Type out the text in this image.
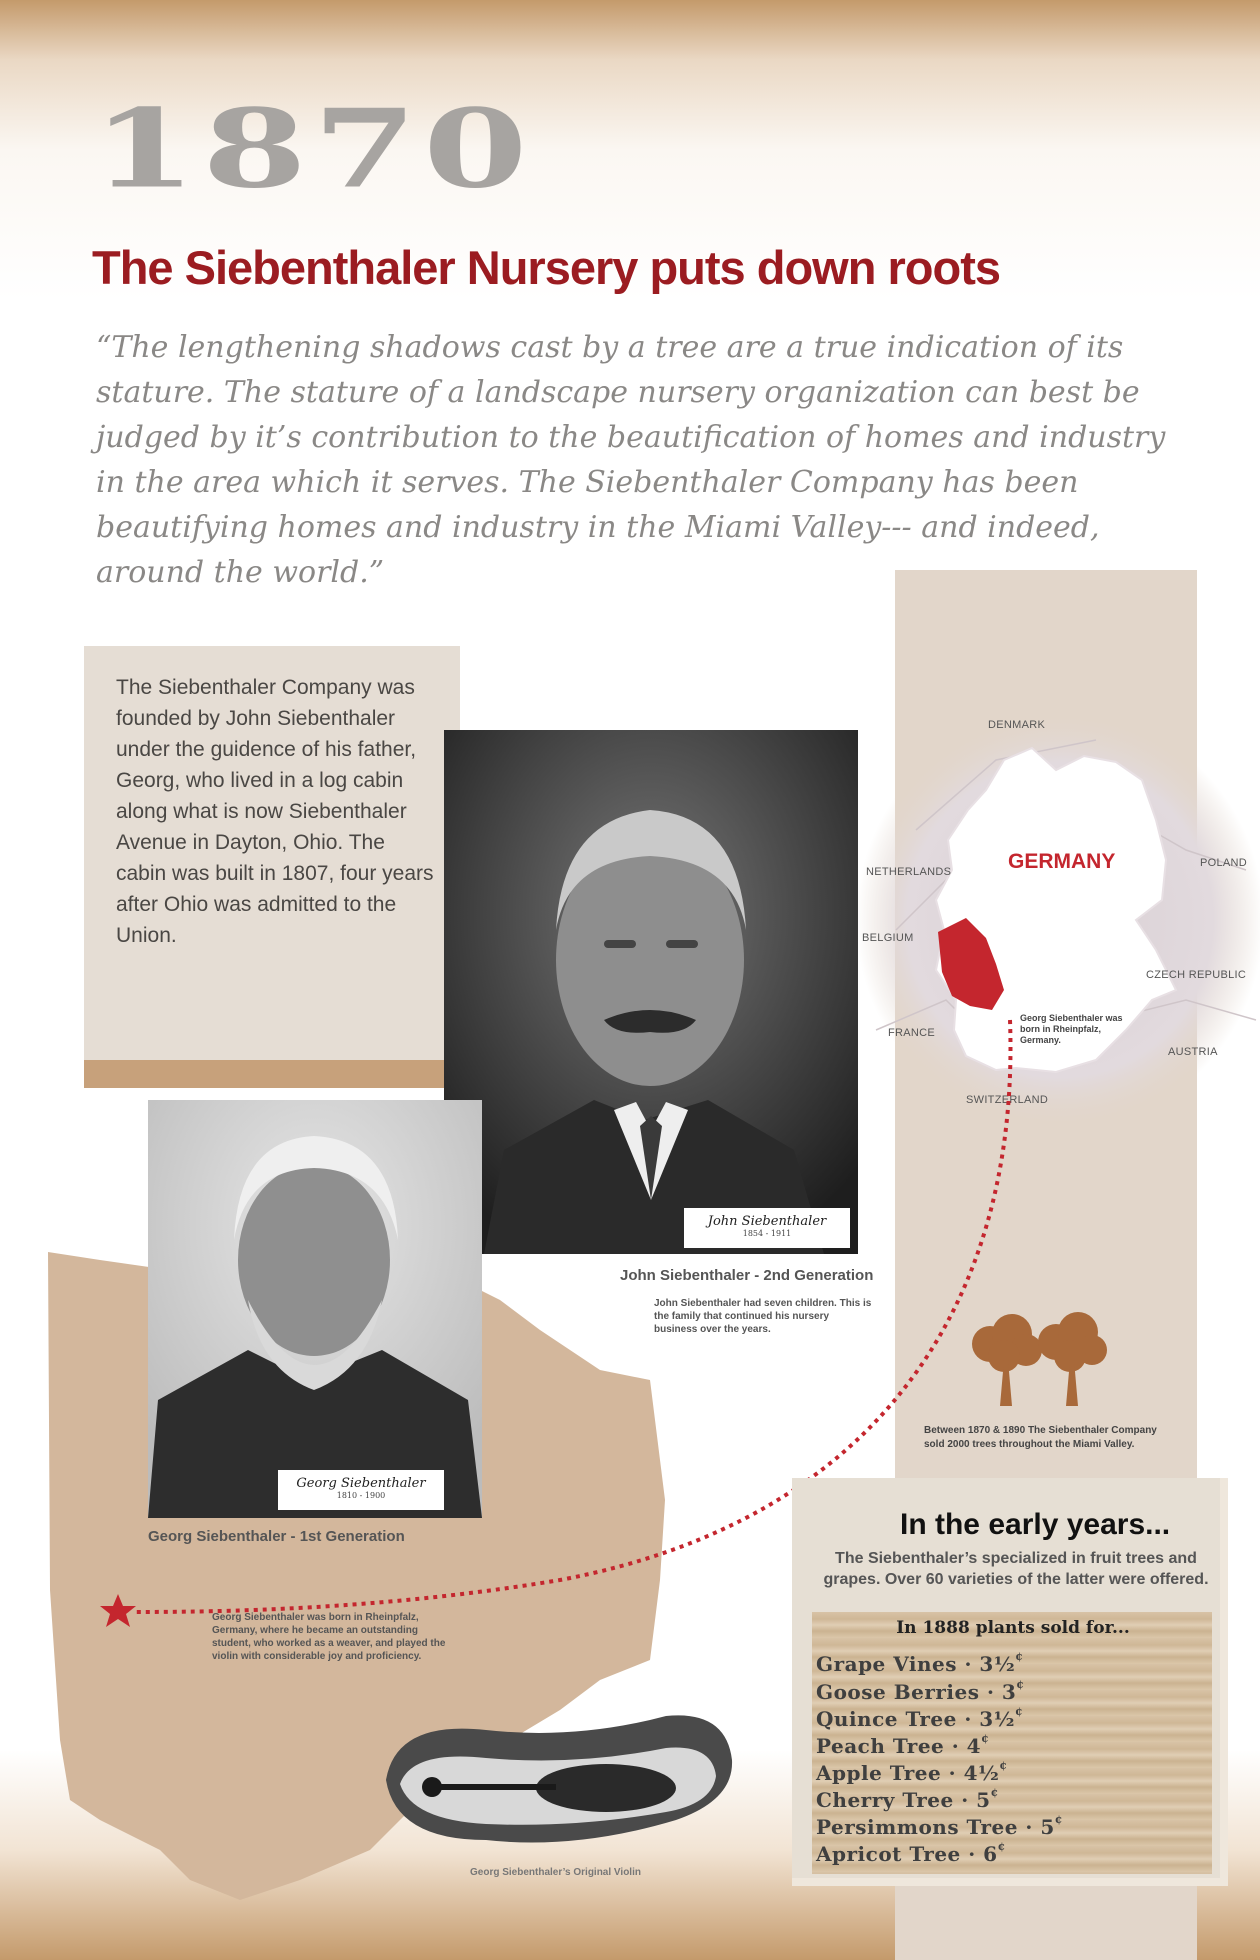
1870
The Siebenthaler Nursery puts down roots

“The lengthening shadows cast by a tree are a true indication of its stature. The stature of a landscape nursery organization can best be judged by it’s contribution to the beautification of homes and industry in the area which it serves. The Siebenthaler Company has been beautifying homes and industry in the Miami Valley--- and indeed, around the world.”

The Siebenthaler Company was founded by John Siebenthaler under the guidence of his father, Georg, who lived in a log cabin along what is now Siebenthaler Avenue in Dayton, Ohio. The cabin was built in 1807, four years after Ohio was admitted to the Union.

DENMARK
NETHERLANDS
BELGIUM
POLAND
CZECH REPUBLIC
FRANCE
AUSTRIA
SWITZERLAND
GERMANY

Georg Siebenthaler was born in Rheinpfalz, Germany.

John Siebenthaler
1854 - 1911
John Siebenthaler - 2nd Generation

John Siebenthaler had seven children. This is the family that continued his nursery business over the years.

Georg Siebenthaler
1810 - 1900
Georg Siebenthaler - 1st Generation

Georg Siebenthaler was born in Rheinpfalz, Germany, where he became an outstanding student, who worked as a weaver, and played the violin with considerable joy and proficiency.

Georg Siebenthaler’s Original Violin

Between 1870 & 1890 The Siebenthaler Company sold 2000 trees throughout the Miami Valley.

In the early years...

The Siebenthaler’s specialized in fruit trees and grapes. Over 60 varieties of the latter were offered.

In 1888 plants sold for...
Grape Vines · 3½¢
Goose Berries · 3¢
Quince Tree · 3½¢
Peach Tree · 4¢
Apple Tree · 4½¢
Cherry Tree · 5¢
Persimmons Tree · 5¢
Apricot Tree · 6¢
